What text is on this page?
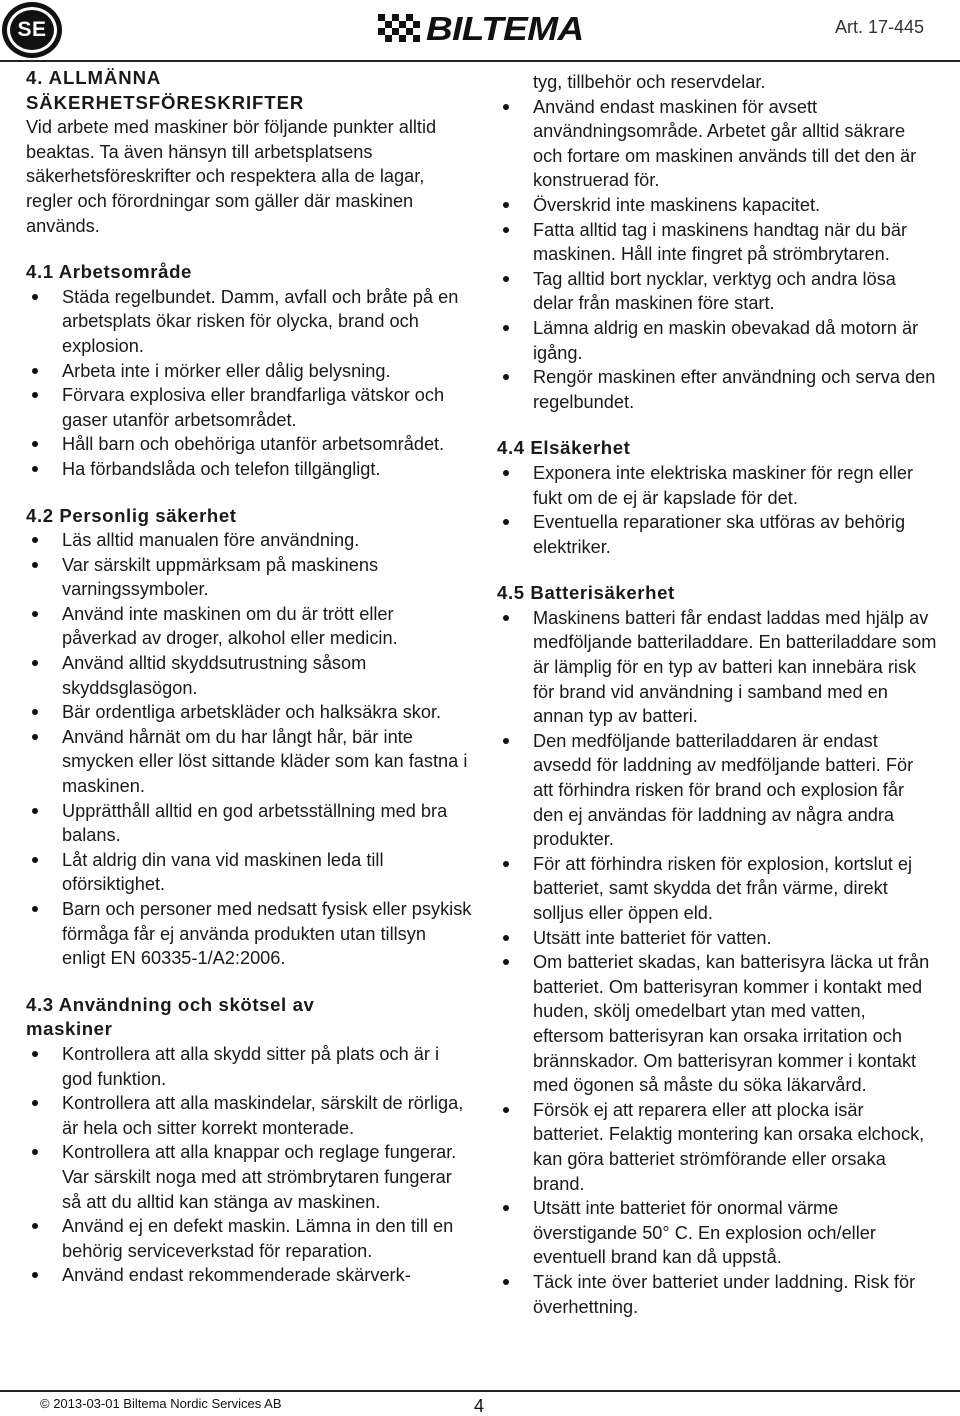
SE	BILTEMA	Art. 17-445
4. ALLMÄNNA
SÄKERHETSFÖRESKRIFTER

Vid arbete med maskiner bör följande punkter alltid beaktas. Ta även hänsyn till arbetsplatsens säkerhetsföreskrifter och respektera alla de lagar, regler och förordningar som gäller där maskinen används.

4.1 Arbetsområde
Städa regelbundet. Damm, avfall och bråte på en arbetsplats ökar risken för olycka, brand och explosion.
Arbeta inte i mörker eller dålig belysning.
Förvara explosiva eller brandfarliga vätskor och gaser utanför arbetsområdet.
Håll barn och obehöriga utanför arbetsområdet.
Ha förbandslåda och telefon tillgängligt.
4.2 Personlig säkerhet
Läs alltid manualen före användning.
Var särskilt uppmärksam på maskinens varningssymboler.
Använd inte maskinen om du är trött eller påverkad av droger, alkohol eller medicin.
Använd alltid skyddsutrustning såsom skyddsglasögon.
Bär ordentliga arbetskläder och halksäkra skor.
Använd hårnät om du har långt hår, bär inte smycken eller löst sittande kläder som kan fastna i maskinen.
Upprätthåll alltid en god arbetsställning med bra balans.
Låt aldrig din vana vid maskinen leda till oförsiktighet.
Barn och personer med nedsatt fysisk eller psykisk förmåga får ej använda produkten utan tillsyn enligt EN 60335-1/A2:2006.
4.3 Användning och skötsel av maskiner
Kontrollera att alla skydd sitter på plats och är i god funktion.
Kontrollera att alla maskindelar, särskilt de rörliga, är hela och sitter korrekt monterade.
Kontrollera att alla knappar och reglage fungerar. Var särskilt noga med att strömbrytaren fungerar så att du alltid kan stänga av maskinen.
Använd ej en defekt maskin. Lämna in den till en behörig serviceverkstad för reparation.
Använd endast rekommenderade skärverk-
tyg, tillbehör och reservdelar.
Använd endast maskinen för avsett användningsområde. Arbetet går alltid säkrare och fortare om maskinen används till det den är konstruerad för.
Överskrid inte maskinens kapacitet.
Fatta alltid tag i maskinens handtag när du bär maskinen. Håll inte fingret på strömbrytaren.
Tag alltid bort nycklar, verktyg och andra lösa delar från maskinen före start.
Lämna aldrig en maskin obevakad då motorn är igång.
Rengör maskinen efter användning och serva den regelbundet.
4.4 Elsäkerhet
Exponera inte elektriska maskiner för regn eller fukt om de ej är kapslade för det.
Eventuella reparationer ska utföras av behörig elektriker.
4.5 Batterisäkerhet
Maskinens batteri får endast laddas med hjälp av medföljande batteriladdare. En batteriladdare som är lämplig för en typ av batteri kan innebära risk för brand vid användning i samband med en annan typ av batteri.
Den medföljande batteriladdaren är endast avsedd för laddning av medföljande batteri. För att förhindra risken för brand och explosion får den ej användas för laddning av några andra produkter.
För att förhindra risken för explosion, kortslut ej batteriet, samt skydda det från värme, direkt solljus eller öppen eld.
Utsätt inte batteriet för vatten.
Om batteriet skadas, kan batterisyra läcka ut från batteriet. Om batterisyran kommer i kontakt med huden, skölj omedelbart ytan med vatten, eftersom batterisyran kan orsaka irritation och brännskador. Om batterisyran kommer i kontakt med ögonen så måste du söka läkarvård.
Försök ej att reparera eller att plocka isär batteriet. Felaktig montering kan orsaka elchock, kan göra batteriet strömförande eller orsaka brand.
Utsätt inte batteriet för onormal värme överstigande 50° C. En explosion och/eller eventuell brand kan då uppstå.
Täck inte över batteriet under laddning. Risk för överhettning.
© 2013-03-01 Biltema Nordic Services AB	4
